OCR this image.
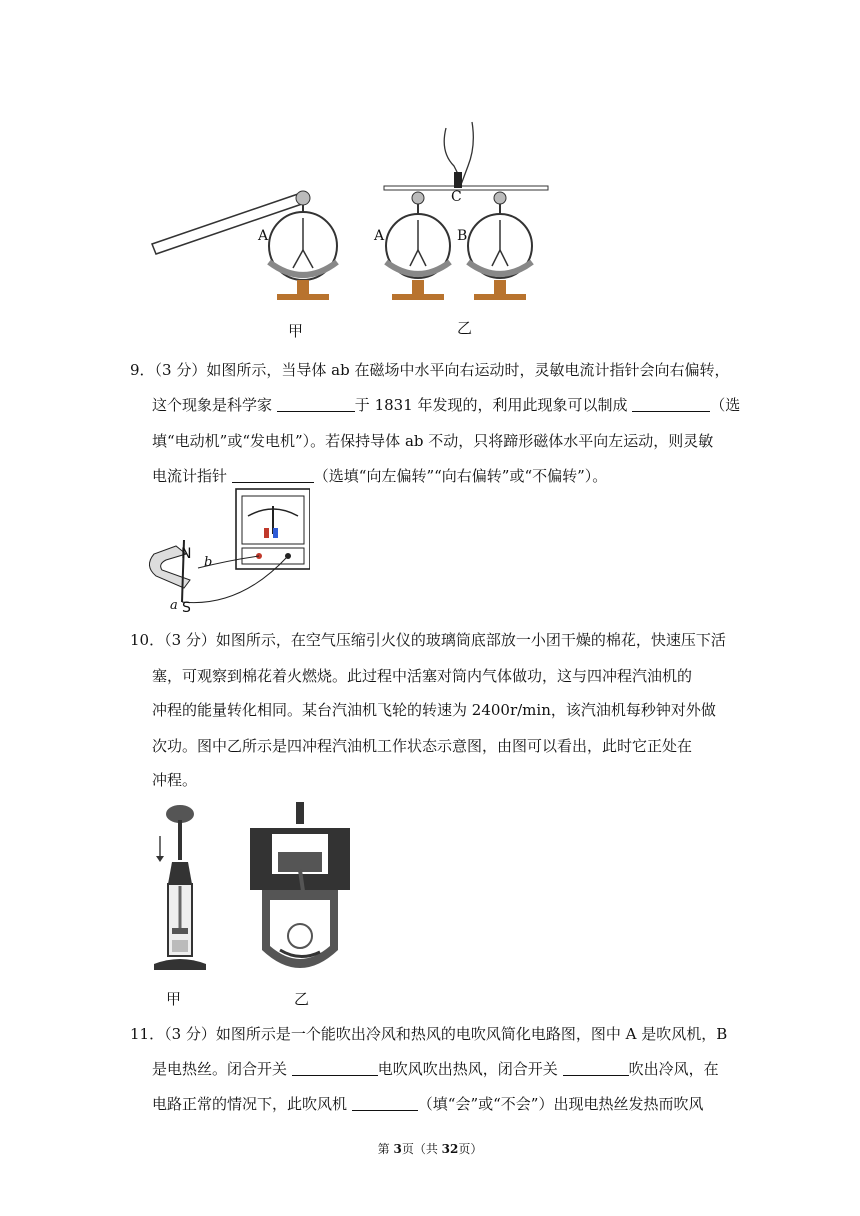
A	A	B
C
甲	乙
9．（3 分）如图所示，当导体 ab 在磁场中水平向右运动时，灵敏电流计指针会向右偏转，
这个现象是科学家	于 1831 年发现的，利用此现象可以制成	（选
填“电动机”或“发电机”）。若保持导体 ab 不动，只将蹄形磁体水平向左运动，则灵敏
电流计指针	（选填“向左偏转”“向右偏转”或“不偏转”）。
N
S
a
b
10．（3 分）如图所示，在空气压缩引火仪的玻璃筒底部放一小团干燥的棉花，快速压下活
塞，可观察到棉花着火燃烧。此过程中活塞对筒内气体做功，这与四冲程汽油机的
冲程的能量转化相同。某台汽油机飞轮的转速为 2400r/min，该汽油机每秒钟对外做
次功。图中乙所示是四冲程汽油机工作状态示意图，由图可以看出，此时它正处在
冲程。
甲	乙
11．（3 分）如图所示是一个能吹出冷风和热风的电吹风简化电路图，图中 A 是吹风机，B
是电热丝。闭合开关	电吹风吹出热风，闭合开关	吹出冷风，在
电路正常的情况下，此吹风机	（填“会”或“不会”）出现电热丝发热而吹风
第 3页（共 32页）
